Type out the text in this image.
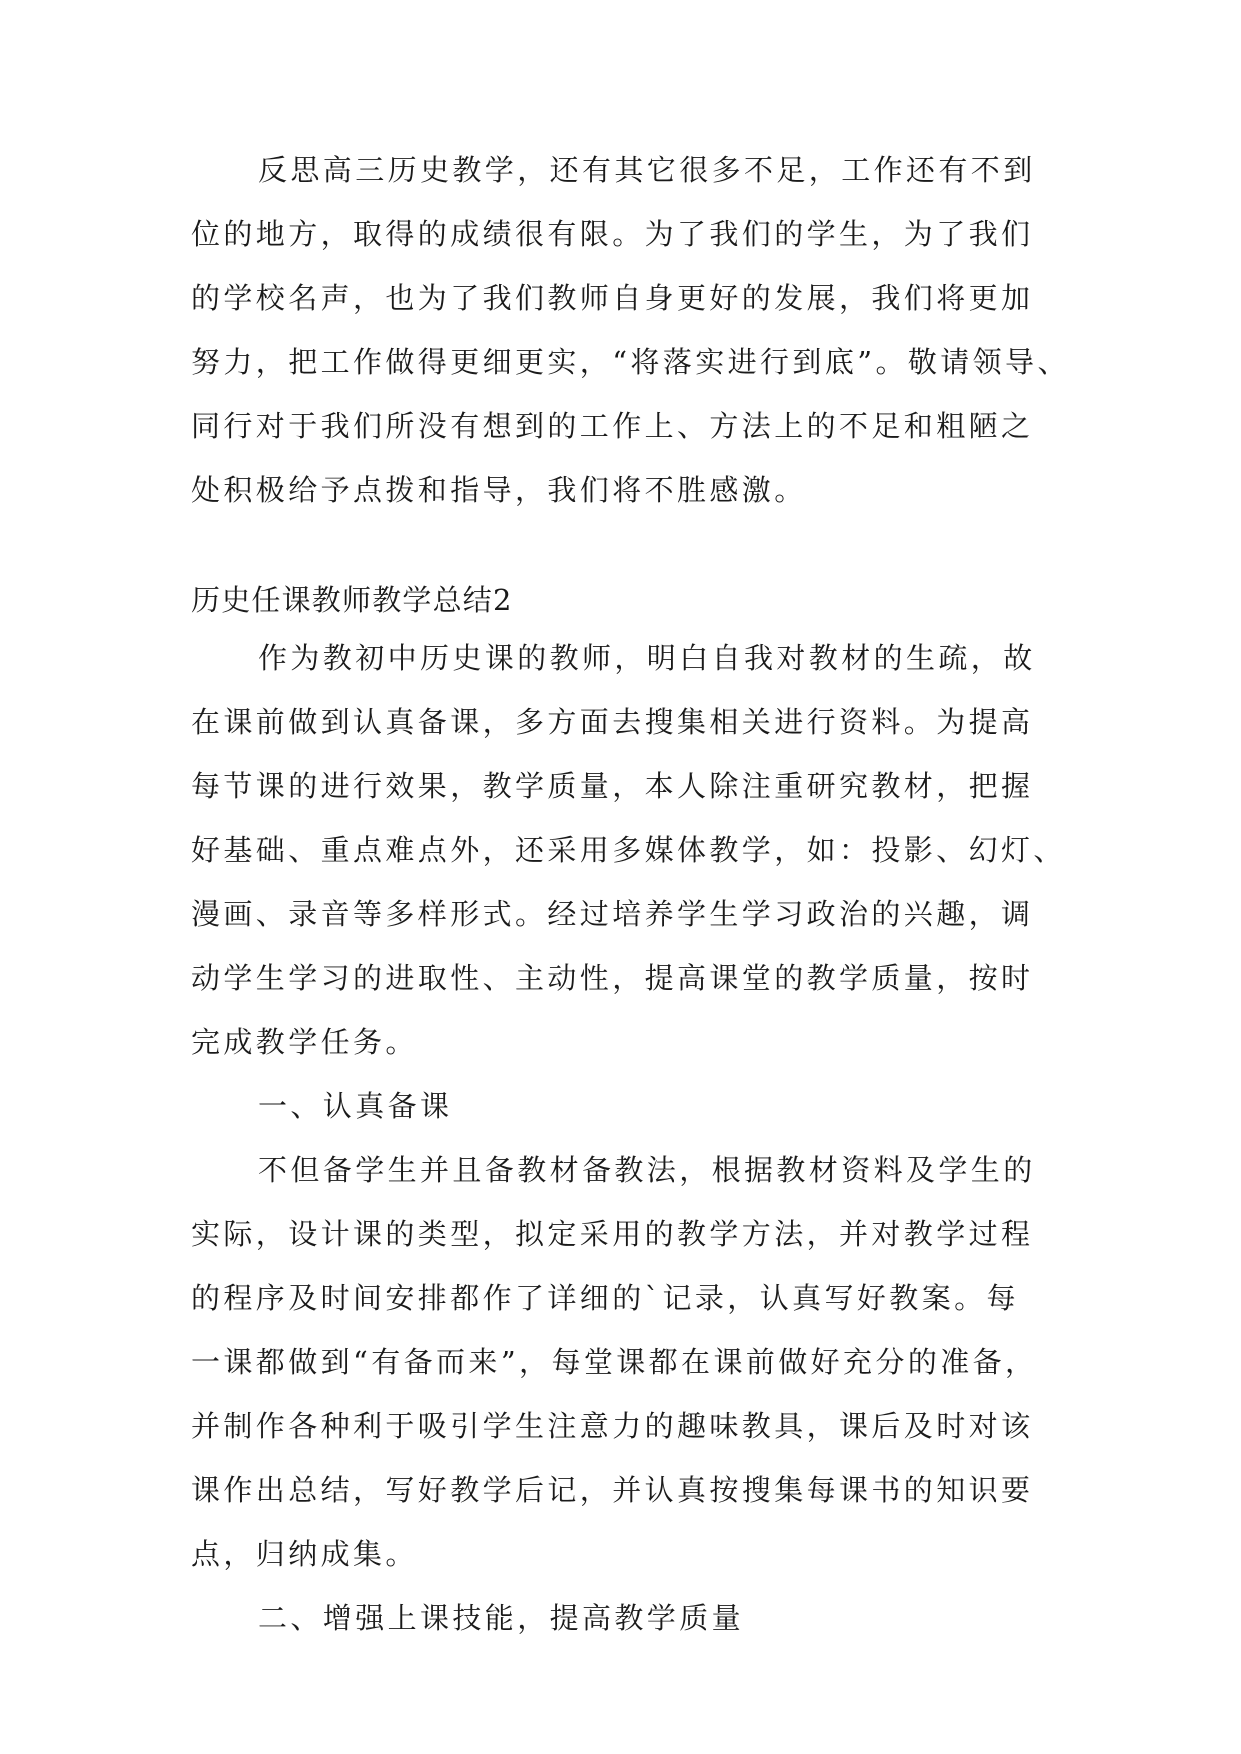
反思高三历史教学，还有其它很多不足，工作还有不到
位的地方，取得的成绩很有限。为了我们的学生，为了我们
的学校名声，也为了我们教师自身更好的发展，我们将更加
努力，把工作做得更细更实，“将落实进行到底”。敬请领导、
同行对于我们所没有想到的工作上、方法上的不足和粗陋之
处积极给予点拨和指导，我们将不胜感激。
历史任课教师教学总结2
作为教初中历史课的教师，明白自我对教材的生疏，故
在课前做到认真备课，多方面去搜集相关进行资料。为提高
每节课的进行效果，教学质量，本人除注重研究教材，把握
好基础、重点难点外，还采用多媒体教学，如：投影、幻灯、
漫画、录音等多样形式。经过培养学生学习政治的兴趣，调
动学生学习的进取性、主动性，提高课堂的教学质量，按时
完成教学任务。
一、认真备课
不但备学生并且备教材备教法，根据教材资料及学生的
实际，设计课的类型，拟定采用的教学方法，并对教学过程
的程序及时间安排都作了详细的`记录，认真写好教案。每
一课都做到“有备而来”，每堂课都在课前做好充分的准备，
并制作各种利于吸引学生注意力的趣味教具，课后及时对该
课作出总结，写好教学后记，并认真按搜集每课书的知识要
点，归纳成集。
二、增强上课技能，提高教学质量
